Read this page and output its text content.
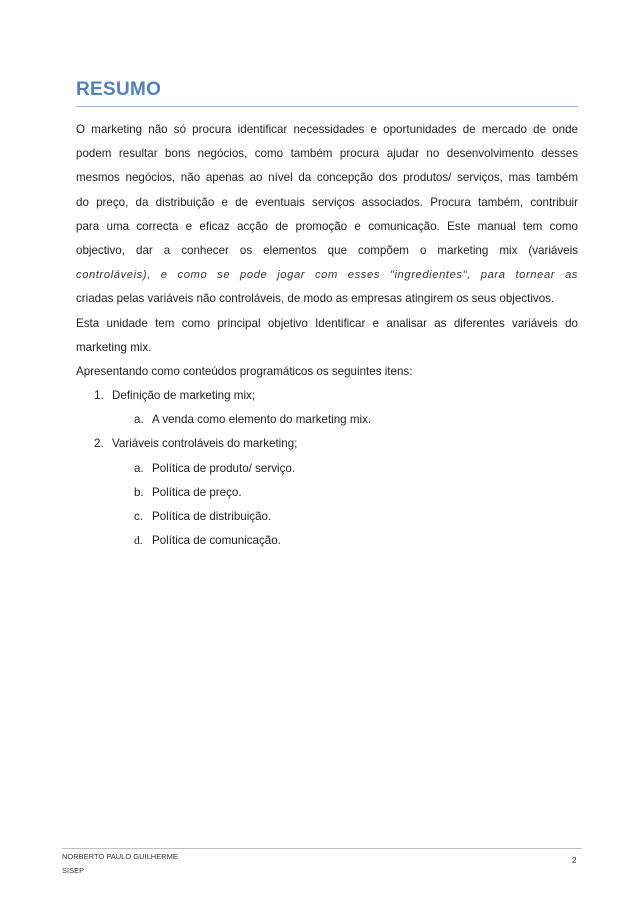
RESUMO

O marketing não só procura identificar necessidades e oportunidades de mercado de onde
podem resultar bons negócios, como também procura ajudar no desenvolvimento desses
mesmos negócios, não apenas ao nível da concepção dos produtos/ serviços, mas também
do preço, da distribuição e de eventuais serviços associados. Procura também, contribuir
para uma correcta e eficaz acção de promoção e comunicação. Este manual tem como
objectivo, dar a conhecer os elementos que compõem o marketing mix (variáveis
controláveis), e como se pode jogar com esses "ingredientes", para tornear as
criadas pelas variáveis não controláveis, de modo as empresas atingirem os seus objectivos.

Esta unidade tem como principal objetivo Identificar e analisar as diferentes variáveis do
marketing mix.

Apresentando como conteúdos programáticos os seguintes itens:

1. Definição de marketing mix;
a. A venda como elemento do marketing mix.
2. Variáveis controláveis do marketing;
a. Política de produto/ serviço.
b. Política de preço.
c. Política de distribuição.
d. Política de comunicação.
NORBERTO PAULO GUILHERME
SISEP
2
